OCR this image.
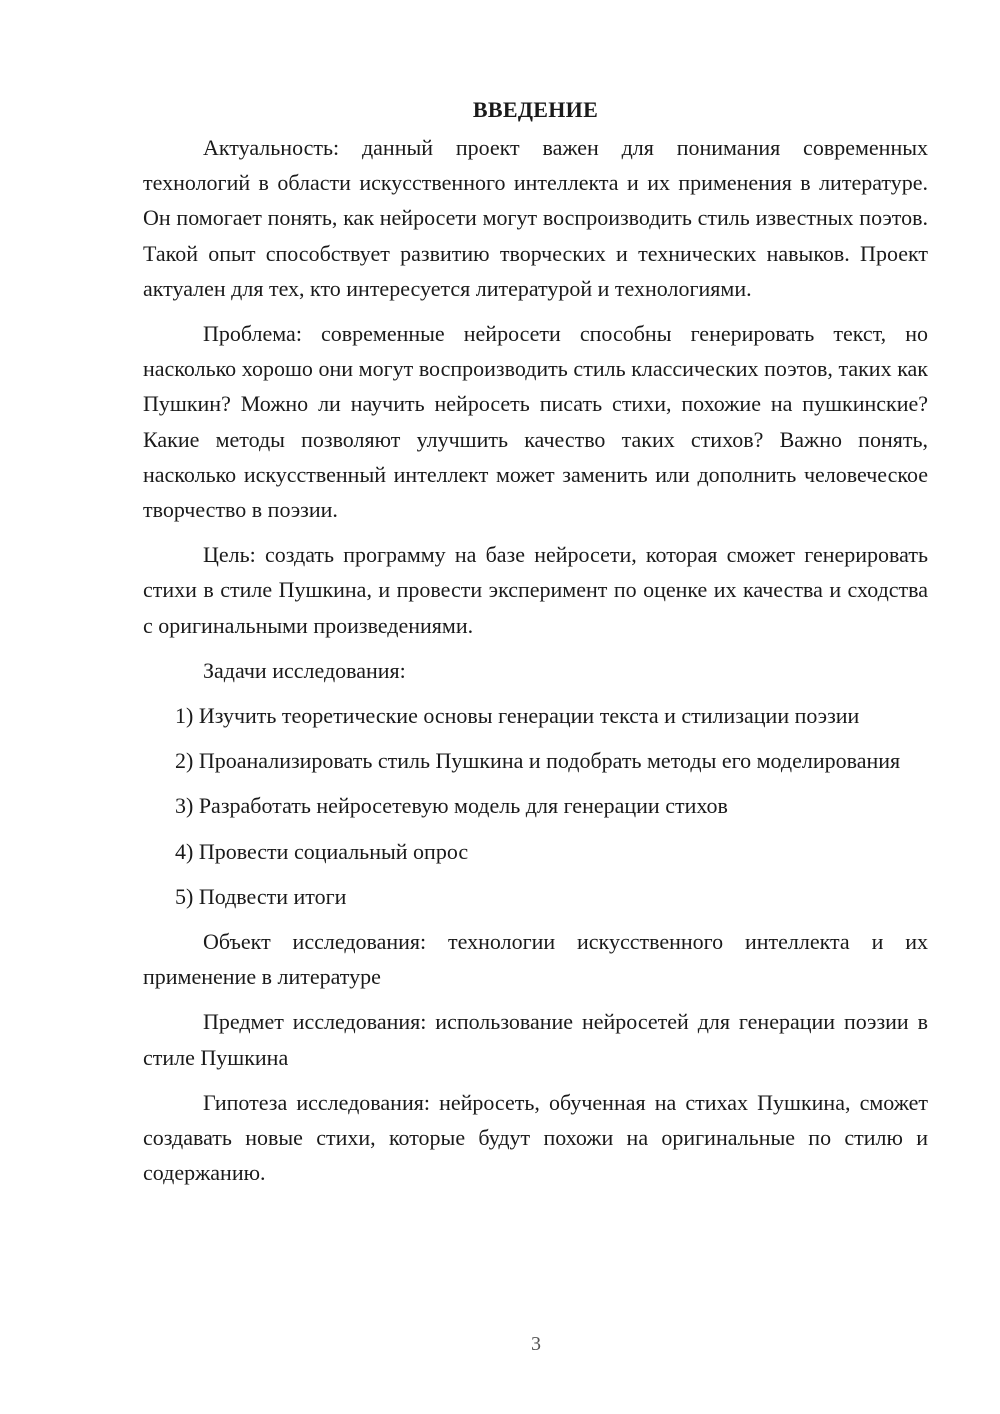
ВВЕДЕНИЕ

Актуальность: данный проект важен для понимания современных технологий в области искусственного интеллекта и их применения в литературе. Он помогает понять, как нейросети могут воспроизводить стиль известных поэтов. Такой опыт способствует развитию творческих и технических навыков. Проект актуален для тех, кто интересуется литературой и технологиями.

Проблема: современные нейросети способны генерировать текст, но насколько хорошо они могут воспроизводить стиль классических поэтов, таких как Пушкин? Можно ли научить нейросеть писать стихи, похожие на пушкинские? Какие методы позволяют улучшить качество таких стихов? Важно понять, насколько искусственный интеллект может заменить или дополнить человеческое творчество в поэзии.

Цель: создать программу на базе нейросети, которая сможет генерировать стихи в стиле Пушкина, и провести эксперимент по оценке их качества и сходства с оригинальными произведениями.

Задачи исследования:

1) Изучить теоретические основы генерации текста и стилизации поэзии

2) Проанализировать стиль Пушкина и подобрать методы его моделирования

3) Разработать нейросетевую модель для генерации стихов

4) Провести социальный опрос

5) Подвести итоги

Объект исследования: технологии искусственного интеллекта и их применение в литературе

Предмет исследования: использование нейросетей для генерации поэзии в стиле Пушкина

Гипотеза исследования: нейросеть, обученная на стихах Пушкина, сможет создавать новые стихи, которые будут похожи на оригинальные по стилю и содержанию.

3
